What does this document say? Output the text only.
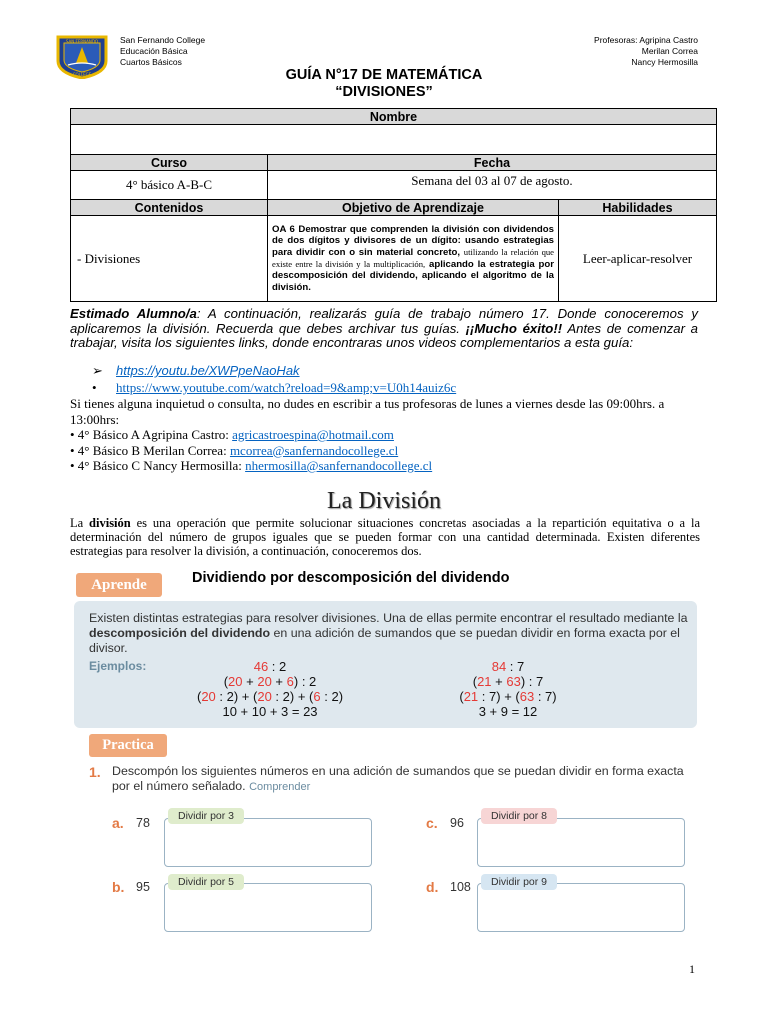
SAN FERNANDO
COLLEGE
San Fernando College
Educación Básica
Cuartos Básicos
Profesoras: Agripina Castro
Merilan Correa
Nancy Hermosilla
GUÍA N°17 DE MATEMÁTICA
“DIVISIONES”
Nombre		

Curso	Fecha	
4° básico A-B-C	Semana del 03 al 07 de agosto.	
Contenidos	Objetivo de Aprendizaje	Habilidades
- Divisiones	OA 6 Demostrar que comprenden la división con dividendos de dos dígitos y divisores de un dígito: usando estrategias para dividir con o sin material concreto, utilizando la relación que existe entre la división y la multiplicación, aplicando la estrategia por descomposición del dividendo, aplicando el algoritmo de la división.	Leer-aplicar-resolver
Estimado Alumno/a: A continuación, realizarás guía de trabajo número 17. Donde conoceremos y aplicaremos la división. Recuerda que debes archivar tus guías. ¡¡Mucho éxito!! Antes de comenzar a trabajar, visita los siguientes links, donde encontraras unos videos complementarios a esta guía:
➢ https://youtu.be/XWPpeNaoHak
• https://www.youtube.com/watch?reload=9&amp;v=U0h14auiz6c
Si tienes alguna inquietud o consulta, no dudes en escribir a tus profesoras de lunes a viernes desde las 09:00hrs. a 13:00hrs:
• 4° Básico A Agripina Castro: agricastroespina@hotmail.com
• 4° Básico B Merilan Correa: mcorrea@sanfernandocollege.cl
• 4° Básico C Nancy Hermosilla: nhermosilla@sanfernandocollege.cl
La División
La división es una operación que permite solucionar situaciones concretas asociadas a la repartición equitativa o a la determinación del número de grupos iguales que se pueden formar con una cantidad determinada. Existen diferentes estrategias para resolver la división, a continuación, conoceremos dos.
Aprende	Dividiendo por descomposición del dividendo
Existen distintas estrategias para resolver divisiones. Una de ellas permite encontrar el resultado mediante la descomposición del dividendo en una adición de sumandos que se puedan dividir en forma exacta por el divisor.
Ejemplos:	46 : 2
(20 + 20 + 6) : 2
(20 : 2) + (20 : 2) + (6 : 2)
10 + 10 + 3 = 23
84 : 7
(21 + 63) : 7
(21 : 7) + (63 : 7)
3 + 9 = 12
Practica
1. Descompón los siguientes números en una adición de sumandos que se puedan dividir en forma exacta por el número señalado. Comprender
a. 78	Dividir por 3	c. 96	Dividir por 8
b. 95	Dividir por 5	d. 108	Dividir por 9
1
